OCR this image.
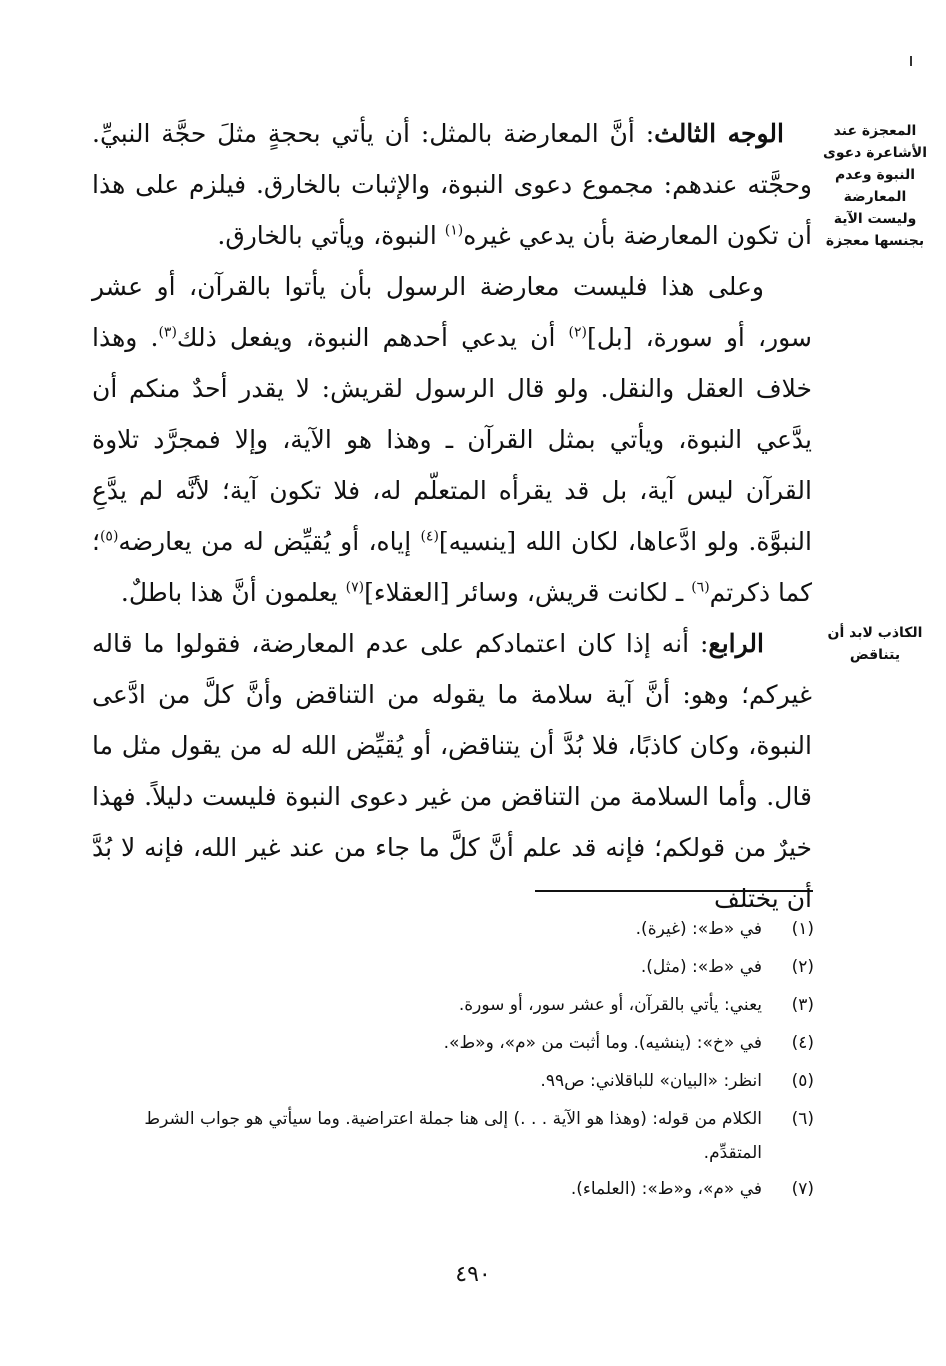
المعجزة عند الأشاعرة دعوى النبوة وعدم المعارضة وليست الآية بجنسها معجزة
الكاذب لابد أن يتناقض

الوجه الثالث: أنَّ المعارضة بالمثل: أن يأتي بحجةٍ مثلَ حجَّة النبيِّ. وحجَّته عندهم: مجموع دعوى النبوة، والإثبات بالخارق. فيلزم على هذا أن تكون المعارضة بأن يدعي غيره$^{(١)}$ النبوة، ويأتي بالخارق.

وعلى هذا فليست معارضة الرسول بأن يأتوا بالقرآن، أو عشر سور، أو سورة، [بل]$^{(٢)}$ أن يدعي أحدهم النبوة، ويفعل ذلك$^{(٣)}$. وهذا خلاف العقل والنقل. ولو قال الرسول لقريش: لا يقدر أحدٌ منكم أن يدَّعي النبوة، ويأتي بمثل القرآن ـ وهذا هو الآية، وإلا فمجرَّد تلاوة القرآن ليس آية، بل قد يقرأه المتعلّم له، فلا تكون آية؛ لأنَّه لم يدَّعِ النبوَّة. ولو ادَّعاها، لكان الله [ينسيه]$^{(٤)}$ إياه، أو يُقيِّض له من يعارضه$^{(٥)}$؛ كما ذكرتم$^{(٦)}$ ـ لكانت قريش، وسائر [العقلاء]$^{(٧)}$ يعلمون أنَّ هذا باطلٌ.

الرابع: أنه إذا كان اعتمادكم على عدم المعارضة، فقولوا ما قاله غيركم؛ وهو: أنَّ آية سلامة ما يقوله من التناقض وأنَّ كلَّ من ادَّعى النبوة، وكان كاذبًا، فلا بُدَّ أن يتناقض، أو يُقيِّض الله له من يقول مثل ما قال. وأما السلامة من التناقض من غير دعوى النبوة فليست دليلاً. فهذا خيرٌ من قولكم؛ فإنه قد علم أنَّ كلَّ ما جاء من عند غير الله، فإنه لا بُدَّ أن يختلف

(١)
في «ط»: (غيرة).
(٢)
في «ط»: (مثل).
(٣)
يعني: يأتي بالقرآن، أو عشر سور، أو سورة.
(٤)
في «خ»: (ينشيه). وما أثبت من «م»، و«ط».
(٥)
انظر: «البيان» للباقلاني: ص٩٩.
(٦)
الكلام من قوله: (وهذا هو الآية . . .) إلى هنا جملة اعتراضية. وما سيأتي هو جواب الشرط المتقدِّم.
(٧)
في «م»، و«ط»: (العلماء).
٤٩٠
